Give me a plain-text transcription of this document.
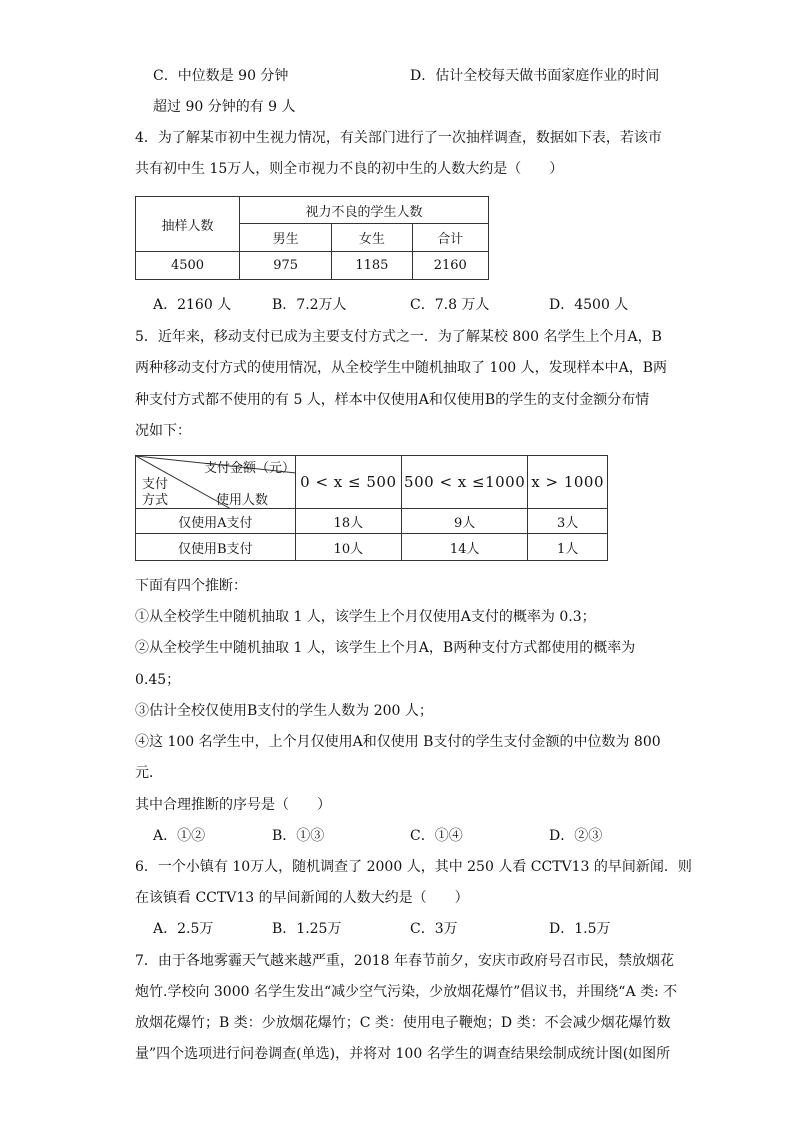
C．中位数是 90 分钟	D．估计全校每天做书面家庭作业的时间
超过 90 分钟的有 9 人
4．为了解某市初中生视力情况，有关部门进行了一次抽样调查，数据如下表，若该市
共有初中生 15万人，则全市视力不良的初中生的人数大约是（　　）
抽样人数	视力不良的学生人数		
	男生	女生	合计
4500	975	1185	2160
A．2160 人	B．7.2万人	C．7.8 万人	D．4500 人
5．近年来，移动支付已成为主要支付方式之一．为了解某校 800 名学生上个月A，B
两种移动支付方式的使用情况，从全校学生中随机抽取了 100 人，发现样本中A，B两
种支付方式都不使用的有 5 人，样本中仅使用A和仅使用B的学生的支付金额分布情
况如下：
支付金额（元）
支付
方式 使用人数	0 < x ≤ 500	500 < x ≤1000	x > 1000
仅使用A支付	18人	9人	3人
仅使用B支付	10人	14人	1人
下面有四个推断：
①从全校学生中随机抽取 1 人，该学生上个月仅使用A支付的概率为 0.3；
②从全校学生中随机抽取 1 人，该学生上个月A，B两种支付方式都使用的概率为
0.45；
③估计全校仅使用B支付的学生人数为 200 人；
④这 100 名学生中，上个月仅使用A和仅使用 B支付的学生支付金额的中位数为 800
元．
其中合理推断的序号是（　　）
A．①②	B．①③	C．①④	D．②③
6．一个小镇有 10万人，随机调查了 2000 人，其中 250 人看 CCTV13 的早间新闻．则
在该镇看 CCTV13 的早间新闻的人数大约是（　　）
A．2.5万	B．1.25万	C．3万	D．1.5万
7．由于各地雾霾天气越来越严重，2018 年春节前夕，安庆市政府号召市民，禁放烟花
炮竹.学校向 3000 名学生发出“减少空气污染，少放烟花爆竹”倡议书，并围绕“A 类: 不
放烟花爆竹；B 类：少放烟花爆竹；C 类：使用电子鞭炮；D 类：不会减少烟花爆竹数
量”四个选项进行问卷调查(单选)，并将对 100 名学生的调查结果绘制成统计图(如图所
